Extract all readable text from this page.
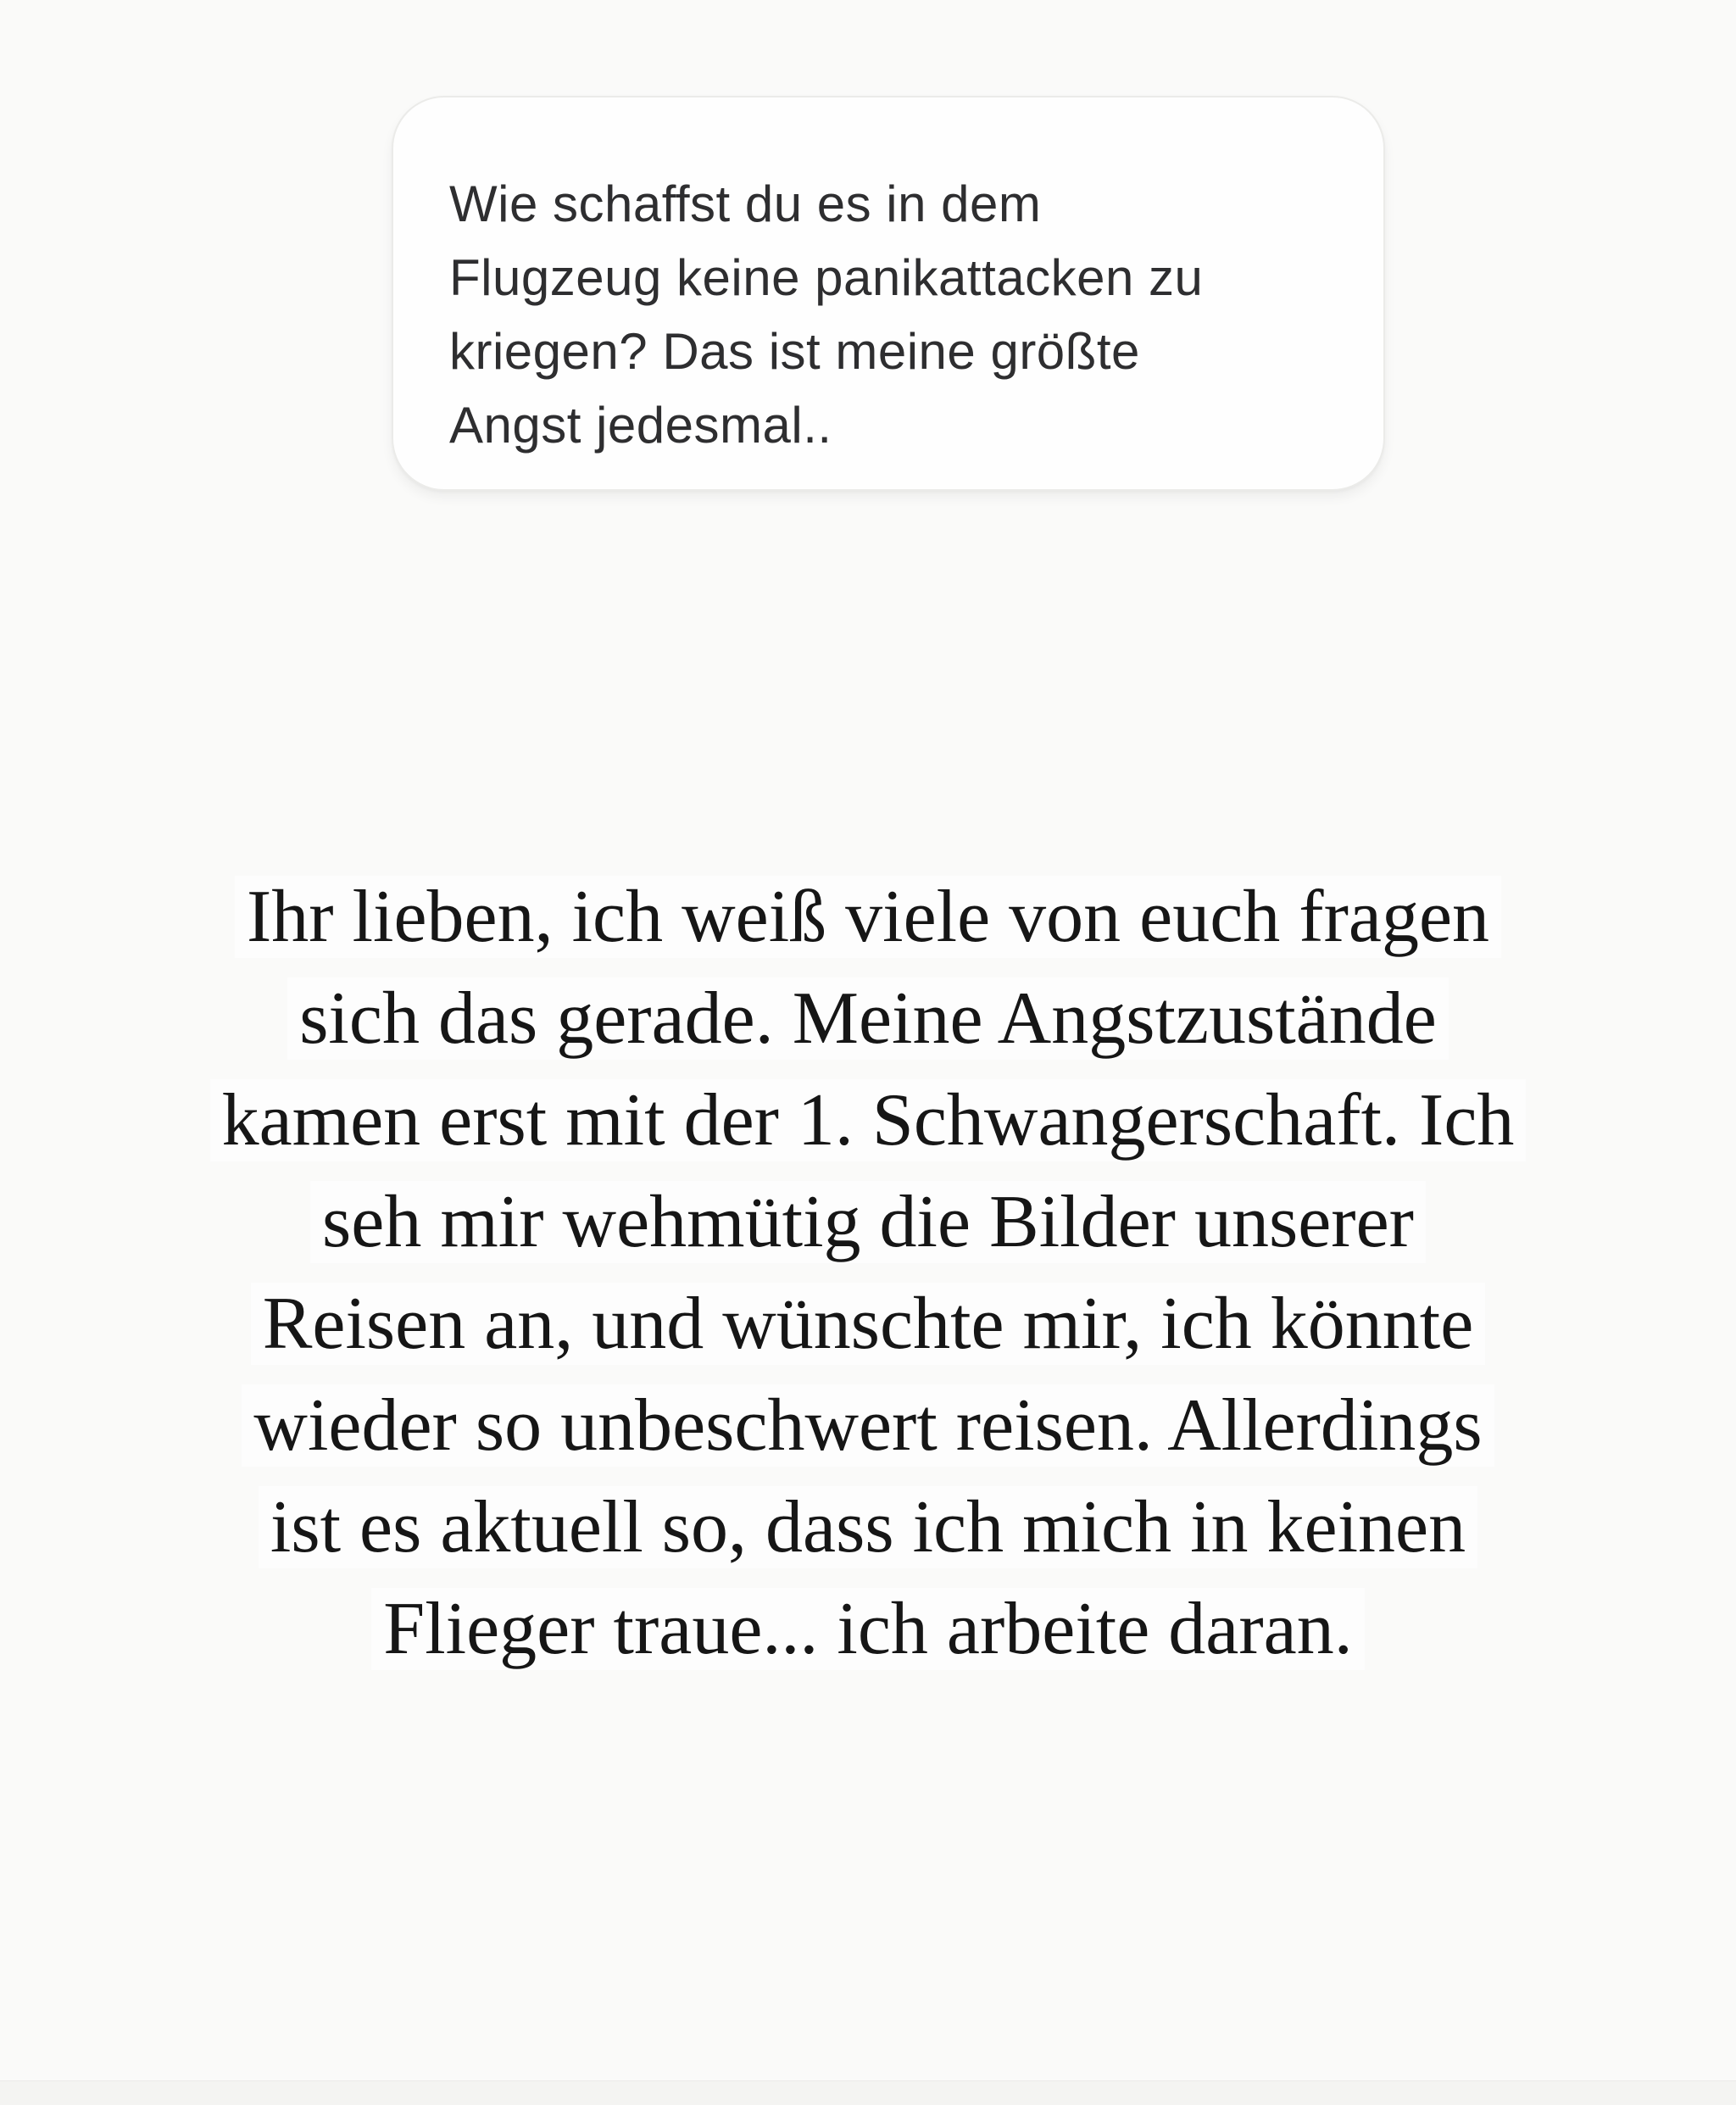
Wie schaffst du es in dem
Flugzeug keine panikattacken zu
kriegen? Das ist meine größte
Angst jedesmal..
Ihr lieben, ich weiß viele von euch fragen
sich das gerade. Meine Angstzustände
kamen erst mit der 1. Schwangerschaft. Ich
seh mir wehmütig die Bilder unserer
Reisen an, und wünschte mir, ich könnte
wieder so unbeschwert reisen. Allerdings
ist es aktuell so, dass ich mich in keinen
Flieger traue... ich arbeite daran.
